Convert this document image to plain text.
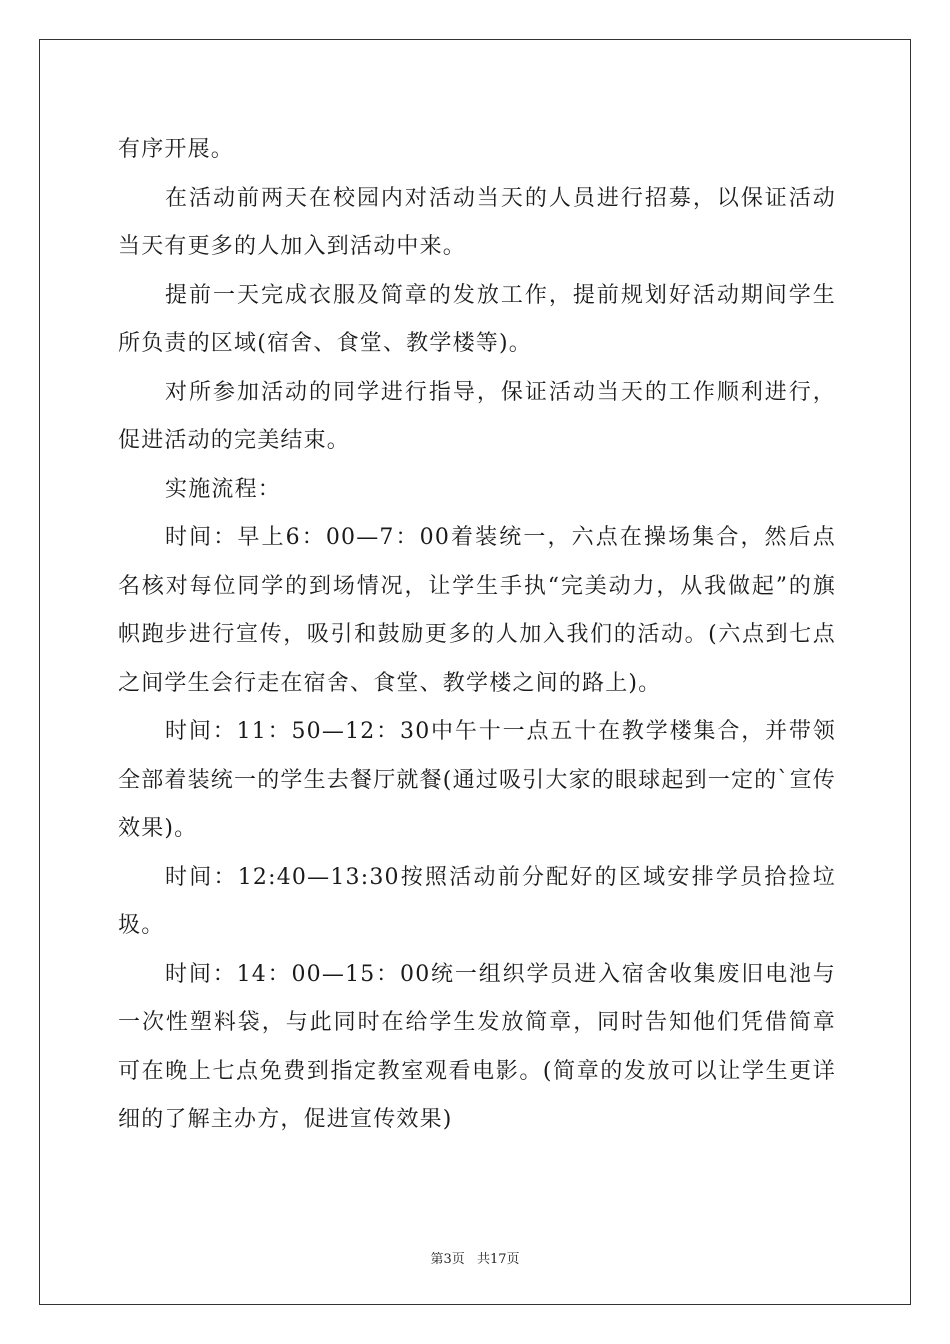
有序开展。

在活动前两天在校园内对活动当天的人员进行招募，以保证活动当天有更多的人加入到活动中来。

提前一天完成衣服及简章的发放工作，提前规划好活动期间学生所负责的区域(宿舍、食堂、教学楼等)。

对所参加活动的同学进行指导，保证活动当天的工作顺利进行，促进活动的完美结束。

实施流程：

时间：早上6：00—7：00着装统一，六点在操场集合，然后点名核对每位同学的到场情况，让学生手执“完美动力，从我做起”的旗帜跑步进行宣传，吸引和鼓励更多的人加入我们的活动。(六点到七点之间学生会行走在宿舍、食堂、教学楼之间的路上)。

时间：11：50—12：30中午十一点五十在教学楼集合，并带领全部着装统一的学生去餐厅就餐(通过吸引大家的眼球起到一定的`宣传效果)。

时间：12:40—13:30按照活动前分配好的区域安排学员拾捡垃圾。

时间：14：00—15：00统一组织学员进入宿舍收集废旧电池与一次性塑料袋，与此同时在给学生发放简章，同时告知他们凭借简章可在晚上七点免费到指定教室观看电影。(简章的发放可以让学生更详细的了解主办方，促进宣传效果)

第3页 共17页
